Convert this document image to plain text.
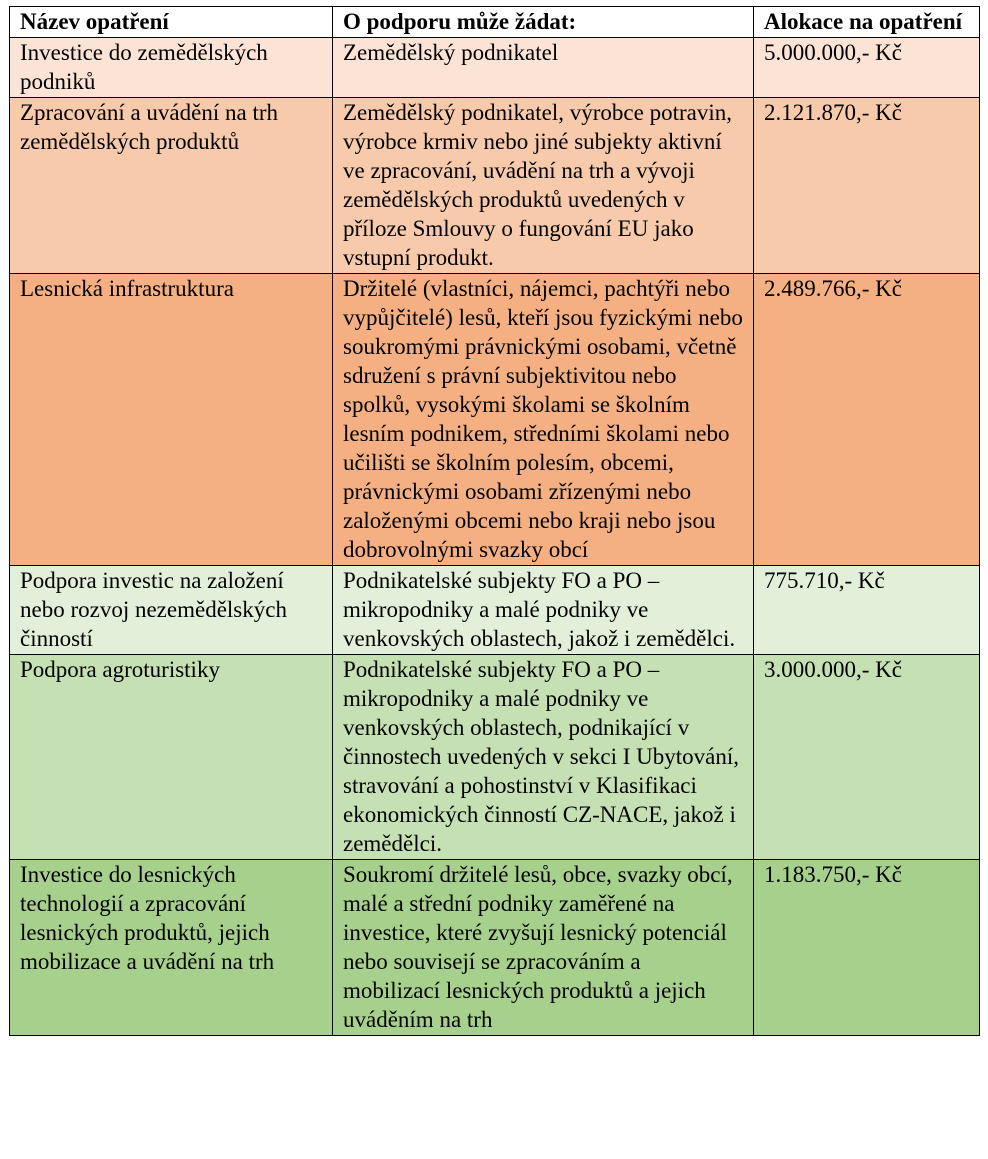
Název opatření	O podporu může žádat:	Alokace na opatření
Investice do zemědělských podniků	Zemědělský podnikatel	5.000.000,- Kč
Zpracování a uvádění na trh zemědělských produktů	Zemědělský podnikatel, výrobce potravin, výrobce krmiv nebo jiné subjekty aktivní ve zpracování, uvádění na trh a vývoji zemědělských produktů uvedených v příloze Smlouvy o fungování EU jako vstupní produkt.	2.121.870,- Kč
Lesnická infrastruktura	Držitelé (vlastníci, nájemci, pachtýři nebo vypůjčitelé) lesů, kteří jsou fyzickými nebo soukromými právnickými osobami, včetně sdružení s právní subjektivitou nebo spolků, vysokými školami se školním lesním podnikem, středními školami nebo učilišti se školním polesím, obcemi, právnickými osobami zřízenými nebo založenými obcemi nebo kraji nebo jsou dobrovolnými svazky obcí	2.489.766,- Kč
Podpora investic na založení nebo rozvoj nezemědělských činností	Podnikatelské subjekty FO a PO – mikropodniky a malé podniky ve venkovských oblastech, jakož i zemědělci.	775.710,- Kč
Podpora agroturistiky	Podnikatelské subjekty FO a PO – mikropodniky a malé podniky ve venkovských oblastech, podnikající v činnostech uvedených v sekci I Ubytování, stravování a pohostinství v Klasifikaci ekonomických činností CZ-NACE, jakož i zemědělci.	3.000.000,- Kč
Investice do lesnických technologií a zpracování lesnických produktů, jejich mobilizace a uvádění na trh	Soukromí držitelé lesů, obce, svazky obcí, malé a střední podniky zaměřené na investice, které zvyšují lesnický potenciál nebo souvisejí se zpracováním a mobilizací lesnických produktů a jejich uváděním na trh	1.183.750,- Kč
